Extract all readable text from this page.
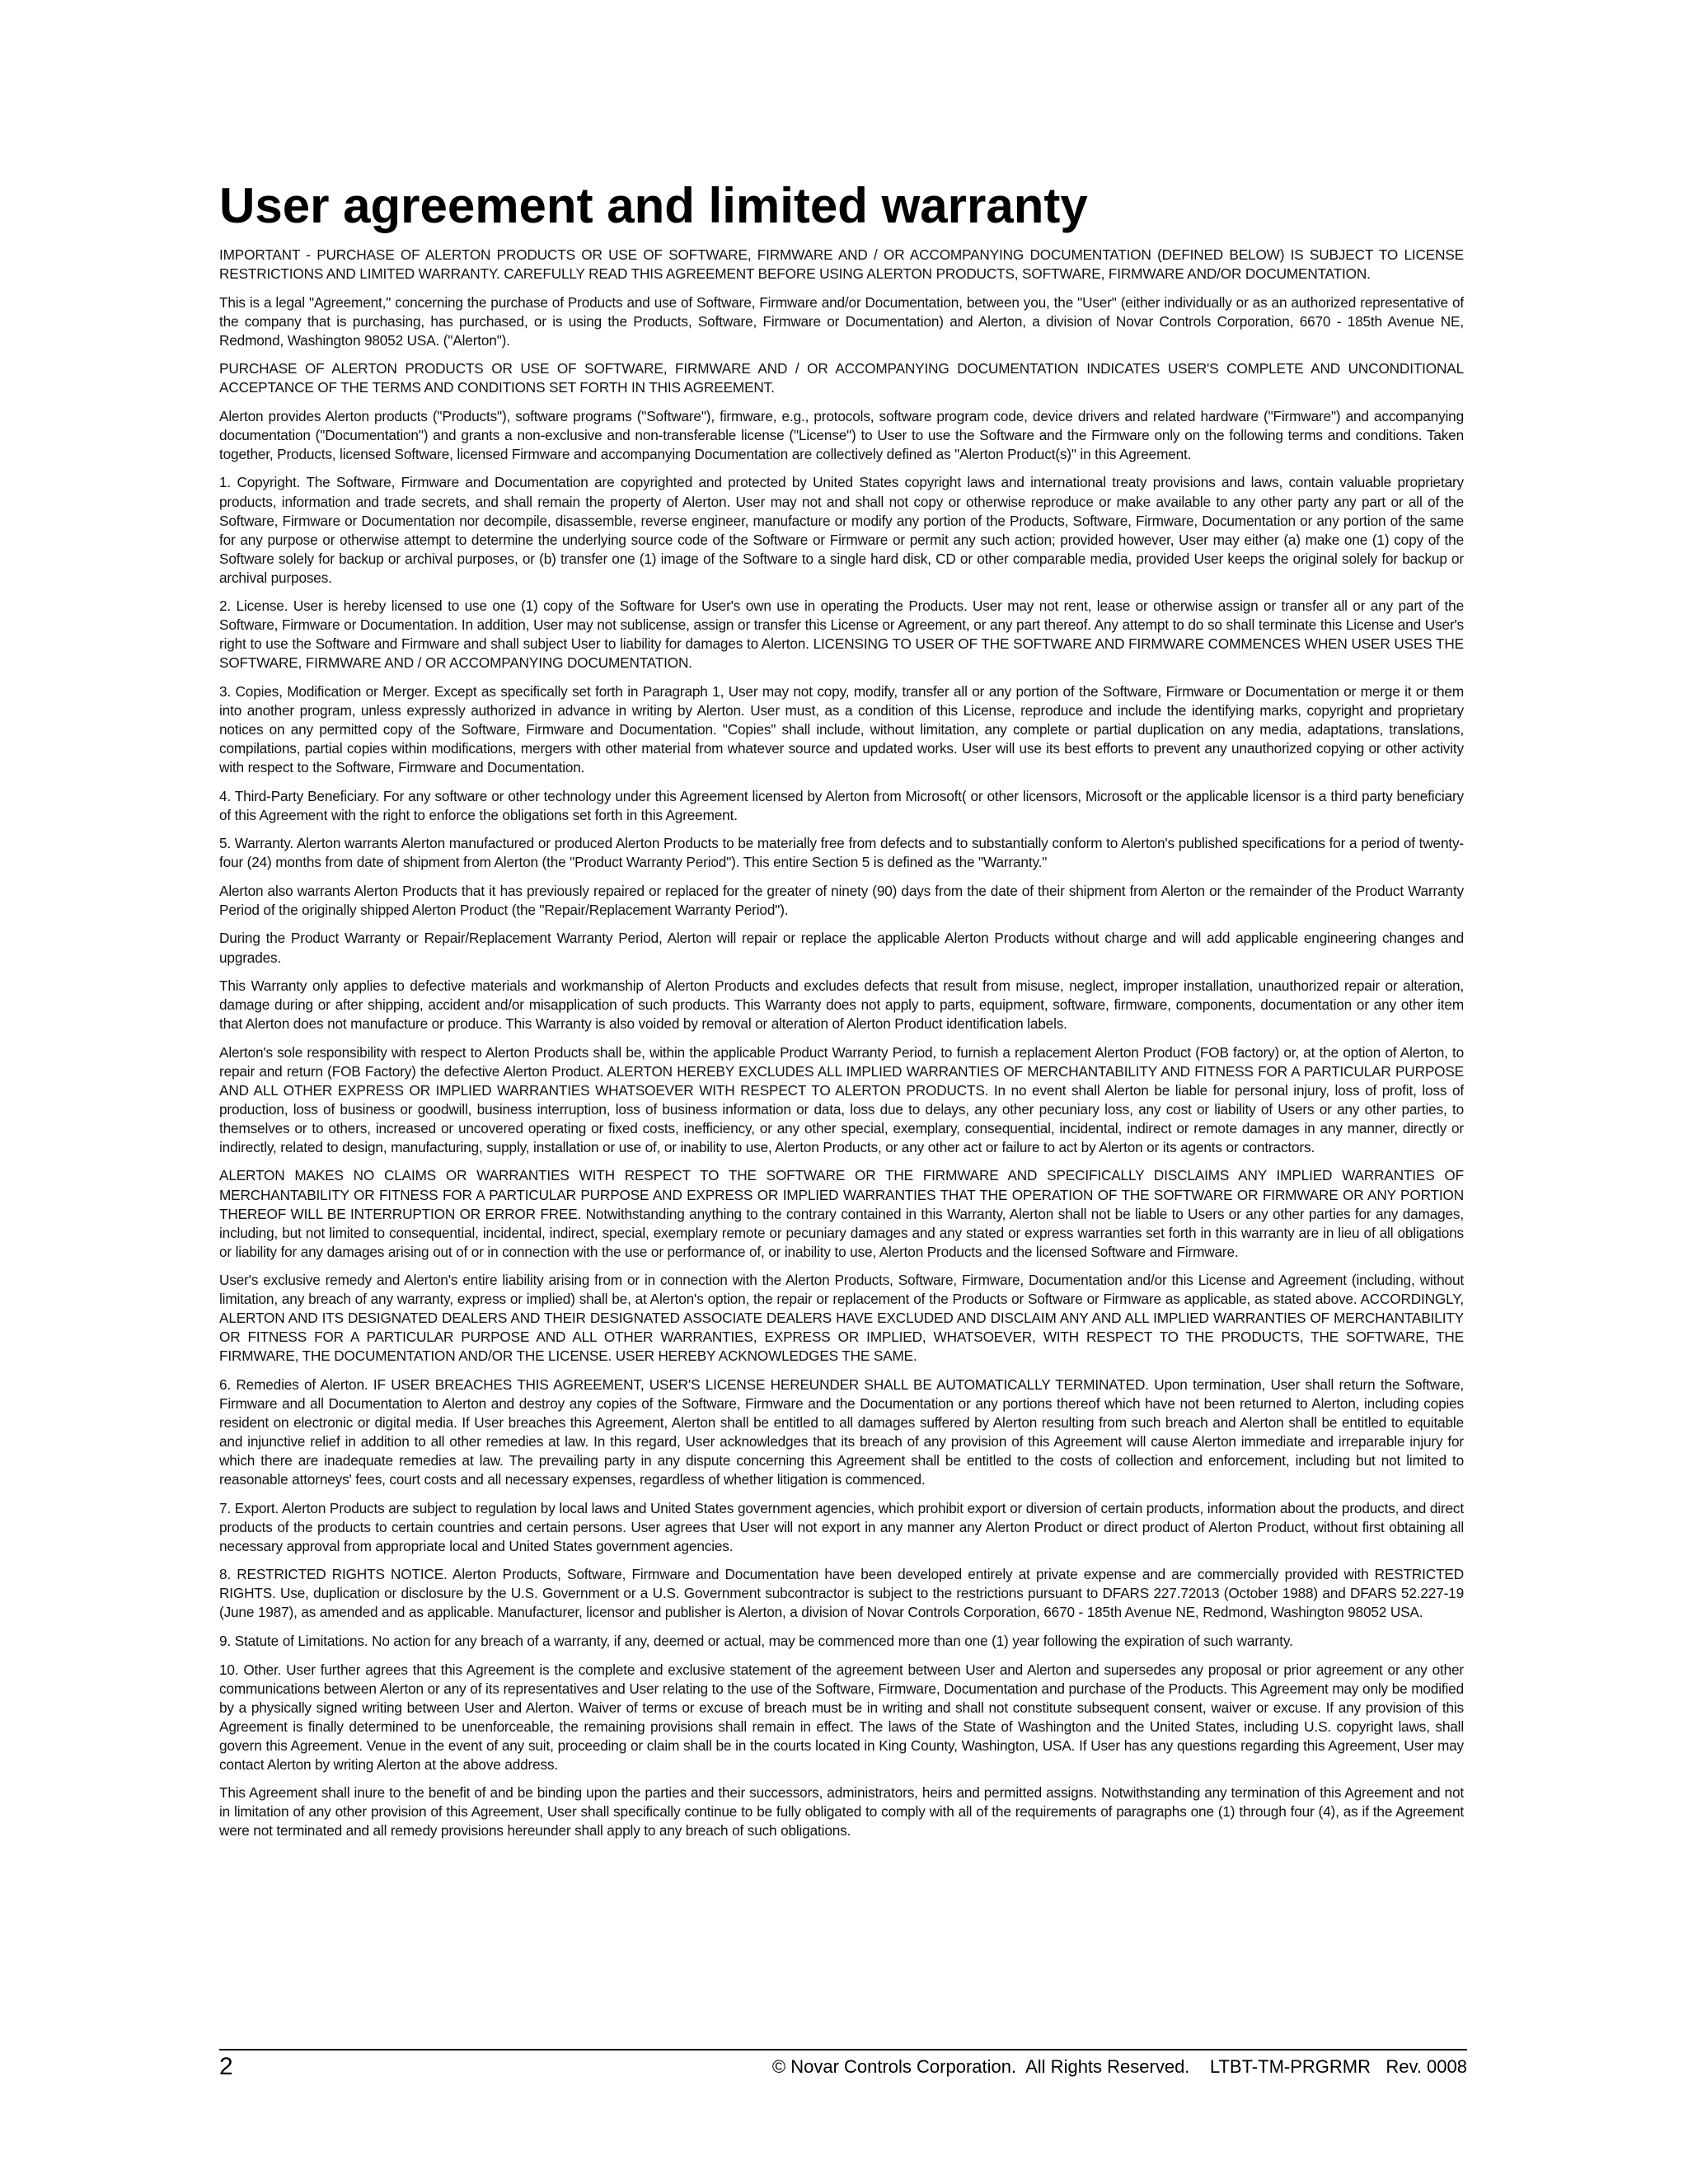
User agreement and limited warranty

IMPORTANT - PURCHASE OF ALERTON PRODUCTS OR USE OF SOFTWARE, FIRMWARE AND / OR ACCOMPANYING DOCUMENTATION (DEFINED BELOW) IS SUBJECT TO LICENSE RESTRICTIONS AND LIMITED WARRANTY. CAREFULLY READ THIS AGREEMENT BEFORE USING ALERTON PRODUCTS, SOFTWARE, FIRMWARE AND/OR DOCUMENTATION.

This is a legal "Agreement," concerning the purchase of Products and use of Software, Firmware and/or Documentation, between you, the "User" (either individually or as an authorized representative of the company that is purchasing, has purchased, or is using the Products, Software, Firmware or Documentation) and Alerton, a division of Novar Controls Corporation, 6670 - 185th Avenue NE, Redmond, Washington 98052 USA. ("Alerton").

PURCHASE OF ALERTON PRODUCTS OR USE OF SOFTWARE, FIRMWARE AND / OR ACCOMPANYING DOCUMENTATION INDICATES USER'S COMPLETE AND UNCONDITIONAL ACCEPTANCE OF THE TERMS AND CONDITIONS SET FORTH IN THIS AGREEMENT.

Alerton provides Alerton products ("Products"), software programs ("Software"), firmware, e.g., protocols, software program code, device drivers and related hardware ("Firmware") and accompanying documentation ("Documentation") and grants a non-exclusive and non-transferable license ("License") to User to use the Software and the Firmware only on the following terms and conditions. Taken together, Products, licensed Software, licensed Firmware and accompanying Documentation are collectively defined as "Alerton Product(s)" in this Agreement.

1. Copyright. The Software, Firmware and Documentation are copyrighted and protected by United States copyright laws and international treaty provisions and laws, contain valuable proprietary products, information and trade secrets, and shall remain the property of Alerton. User may not and shall not copy or otherwise reproduce or make available to any other party any part or all of the Software, Firmware or Documentation nor decompile, disassemble, reverse engineer, manufacture or modify any portion of the Products, Software, Firmware, Documentation or any portion of the same for any purpose or otherwise attempt to determine the underlying source code of the Software or Firmware or permit any such action; provided however, User may either (a) make one (1) copy of the Software solely for backup or archival purposes, or (b) transfer one (1) image of the Software to a single hard disk, CD or other comparable media, provided User keeps the original solely for backup or archival purposes.

2. License. User is hereby licensed to use one (1) copy of the Software for User's own use in operating the Products. User may not rent, lease or otherwise assign or transfer all or any part of the Software, Firmware or Documentation. In addition, User may not sublicense, assign or transfer this License or Agreement, or any part thereof. Any attempt to do so shall terminate this License and User's right to use the Software and Firmware and shall subject User to liability for damages to Alerton. LICENSING TO USER OF THE SOFTWARE AND FIRMWARE COMMENCES WHEN USER USES THE SOFTWARE, FIRMWARE AND / OR ACCOMPANYING DOCUMENTATION.

3. Copies, Modification or Merger. Except as specifically set forth in Paragraph 1, User may not copy, modify, transfer all or any portion of the Software, Firmware or Documentation or merge it or them into another program, unless expressly authorized in advance in writing by Alerton. User must, as a condition of this License, reproduce and include the identifying marks, copyright and proprietary notices on any permitted copy of the Software, Firmware and Documentation. "Copies" shall include, without limitation, any complete or partial duplication on any media, adaptations, translations, compilations, partial copies within modifications, mergers with other material from whatever source and updated works. User will use its best efforts to prevent any unauthorized copying or other activity with respect to the Software, Firmware and Documentation.

4. Third-Party Beneficiary. For any software or other technology under this Agreement licensed by Alerton from Microsoft( or other licensors, Microsoft or the applicable licensor is a third party beneficiary of this Agreement with the right to enforce the obligations set forth in this Agreement.

5. Warranty. Alerton warrants Alerton manufactured or produced Alerton Products to be materially free from defects and to substantially conform to Alerton's published specifications for a period of twenty-four (24) months from date of shipment from Alerton (the "Product Warranty Period"). This entire Section 5 is defined as the "Warranty."

Alerton also warrants Alerton Products that it has previously repaired or replaced for the greater of ninety (90) days from the date of their shipment from Alerton or the remainder of the Product Warranty Period of the originally shipped Alerton Product (the "Repair/Replacement Warranty Period").

During the Product Warranty or Repair/Replacement Warranty Period, Alerton will repair or replace the applicable Alerton Products without charge and will add applicable engineering changes and upgrades.

This Warranty only applies to defective materials and workmanship of Alerton Products and excludes defects that result from misuse, neglect, improper installation, unauthorized repair or alteration, damage during or after shipping, accident and/or misapplication of such products. This Warranty does not apply to parts, equipment, software, firmware, components, documentation or any other item that Alerton does not manufacture or produce. This Warranty is also voided by removal or alteration of Alerton Product identification labels.

Alerton's sole responsibility with respect to Alerton Products shall be, within the applicable Product Warranty Period, to furnish a replacement Alerton Product (FOB factory) or, at the option of Alerton, to repair and return (FOB Factory) the defective Alerton Product. ALERTON HEREBY EXCLUDES ALL IMPLIED WARRANTIES OF MERCHANTABILITY AND FITNESS FOR A PARTICULAR PURPOSE AND ALL OTHER EXPRESS OR IMPLIED WARRANTIES WHATSOEVER WITH RESPECT TO ALERTON PRODUCTS. In no event shall Alerton be liable for personal injury, loss of profit, loss of production, loss of business or goodwill, business interruption, loss of business information or data, loss due to delays, any other pecuniary loss, any cost or liability of Users or any other parties, to themselves or to others, increased or uncovered operating or fixed costs, inefficiency, or any other special, exemplary, consequential, incidental, indirect or remote damages in any manner, directly or indirectly, related to design, manufacturing, supply, installation or use of, or inability to use, Alerton Products, or any other act or failure to act by Alerton or its agents or contractors.

ALERTON MAKES NO CLAIMS OR WARRANTIES WITH RESPECT TO THE SOFTWARE OR THE FIRMWARE AND SPECIFICALLY DISCLAIMS ANY IMPLIED WARRANTIES OF MERCHANTABILITY OR FITNESS FOR A PARTICULAR PURPOSE AND EXPRESS OR IMPLIED WARRANTIES THAT THE OPERATION OF THE SOFTWARE OR FIRMWARE OR ANY PORTION THEREOF WILL BE INTERRUPTION OR ERROR FREE. Notwithstanding anything to the contrary contained in this Warranty, Alerton shall not be liable to Users or any other parties for any damages, including, but not limited to consequential, incidental, indirect, special, exemplary remote or pecuniary damages and any stated or express warranties set forth in this warranty are in lieu of all obligations or liability for any damages arising out of or in connection with the use or performance of, or inability to use, Alerton Products and the licensed Software and Firmware.

User's exclusive remedy and Alerton's entire liability arising from or in connection with the Alerton Products, Software, Firmware, Documentation and/or this License and Agreement (including, without limitation, any breach of any warranty, express or implied) shall be, at Alerton's option, the repair or replacement of the Products or Software or Firmware as applicable, as stated above. ACCORDINGLY, ALERTON AND ITS DESIGNATED DEALERS AND THEIR DESIGNATED ASSOCIATE DEALERS HAVE EXCLUDED AND DISCLAIM ANY AND ALL IMPLIED WARRANTIES OF MERCHANTABILITY OR FITNESS FOR A PARTICULAR PURPOSE AND ALL OTHER WARRANTIES, EXPRESS OR IMPLIED, WHATSOEVER, WITH RESPECT TO THE PRODUCTS, THE SOFTWARE, THE FIRMWARE, THE DOCUMENTATION AND/OR THE LICENSE. USER HEREBY ACKNOWLEDGES THE SAME.

6. Remedies of Alerton. IF USER BREACHES THIS AGREEMENT, USER'S LICENSE HEREUNDER SHALL BE AUTOMATICALLY TERMINATED. Upon termination, User shall return the Software, Firmware and all Documentation to Alerton and destroy any copies of the Software, Firmware and the Documentation or any portions thereof which have not been returned to Alerton, including copies resident on electronic or digital media. If User breaches this Agreement, Alerton shall be entitled to all damages suffered by Alerton resulting from such breach and Alerton shall be entitled to equitable and injunctive relief in addition to all other remedies at law. In this regard, User acknowledges that its breach of any provision of this Agreement will cause Alerton immediate and irreparable injury for which there are inadequate remedies at law. The prevailing party in any dispute concerning this Agreement shall be entitled to the costs of collection and enforcement, including but not limited to reasonable attorneys' fees, court costs and all necessary expenses, regardless of whether litigation is commenced.

7. Export. Alerton Products are subject to regulation by local laws and United States government agencies, which prohibit export or diversion of certain products, information about the products, and direct products of the products to certain countries and certain persons. User agrees that User will not export in any manner any Alerton Product or direct product of Alerton Product, without first obtaining all necessary approval from appropriate local and United States government agencies.

8. RESTRICTED RIGHTS NOTICE. Alerton Products, Software, Firmware and Documentation have been developed entirely at private expense and are commercially provided with RESTRICTED RIGHTS. Use, duplication or disclosure by the U.S. Government or a U.S. Government subcontractor is subject to the restrictions pursuant to DFARS 227.72013 (October 1988) and DFARS 52.227-19 (June 1987), as amended and as applicable. Manufacturer, licensor and publisher is Alerton, a division of Novar Controls Corporation, 6670 - 185th Avenue NE, Redmond, Washington 98052 USA.

9. Statute of Limitations. No action for any breach of a warranty, if any, deemed or actual, may be commenced more than one (1) year following the expiration of such warranty.

10. Other. User further agrees that this Agreement is the complete and exclusive statement of the agreement between User and Alerton and supersedes any proposal or prior agreement or any other communications between Alerton or any of its representatives and User relating to the use of the Software, Firmware, Documentation and purchase of the Products. This Agreement may only be modified by a physically signed writing between User and Alerton. Waiver of terms or excuse of breach must be in writing and shall not constitute subsequent consent, waiver or excuse. If any provision of this Agreement is finally determined to be unenforceable, the remaining provisions shall remain in effect. The laws of the State of Washington and the United States, including U.S. copyright laws, shall govern this Agreement. Venue in the event of any suit, proceeding or claim shall be in the courts located in King County, Washington, USA. If User has any questions regarding this Agreement, User may contact Alerton by writing Alerton at the above address.

This Agreement shall inure to the benefit of and be binding upon the parties and their successors, administrators, heirs and permitted assigns. Notwithstanding any termination of this Agreement and not in limitation of any other provision of this Agreement, User shall specifically continue to be fully obligated to comply with all of the requirements of paragraphs one (1) through four (4), as if the Agreement were not terminated and all remedy provisions hereunder shall apply to any breach of such obligations.

2	© Novar Controls Corporation.  All Rights Reserved.    LTBT-TM-PRGRMR   Rev. 0008
